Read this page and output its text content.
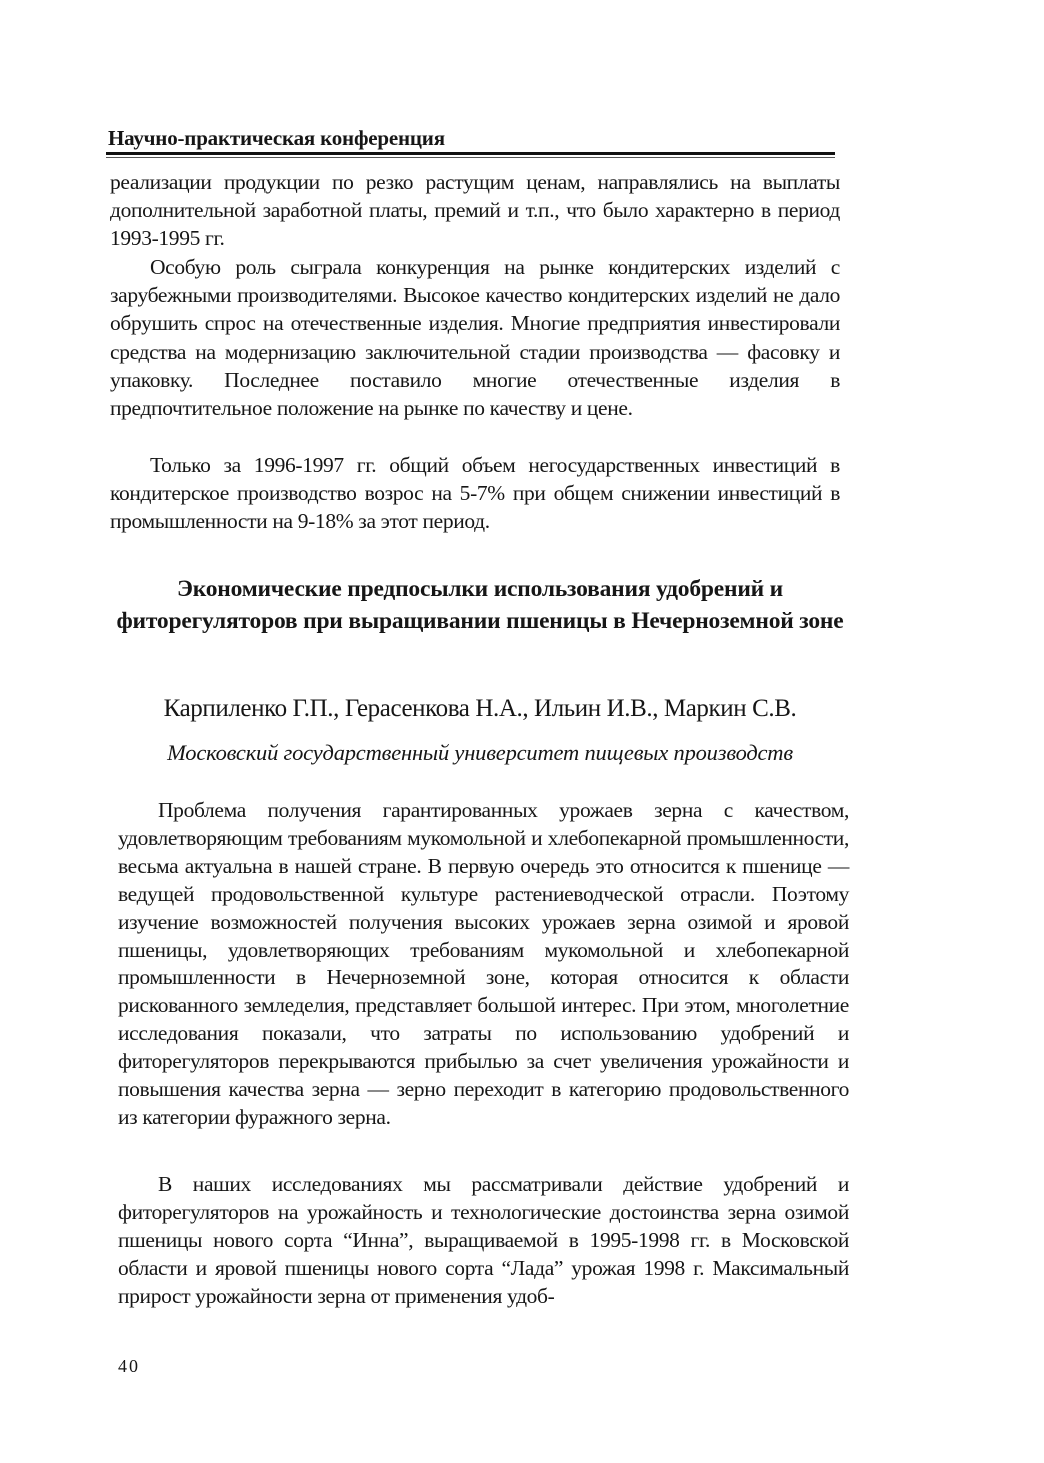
Научно-практическая конференция

реализации продукции по резко растущим ценам, направлялись на выплаты дополнительной заработной платы, премий и т.п., что было характерно в период 1993-1995 гг.

Особую роль сыграла конкуренция на рынке кондитерских изделий с зарубежными производителями. Высокое качество кондитерских изделий не дало обрушить спрос на отечественные изделия. Многие предприятия инвестировали средства на модернизацию заключительной стадии производства — фасовку и упаковку. Последнее поставило многие отечественные изделия в предпочтительное положение на рынке по качеству и цене.

Только за 1996-1997 гг. общий объем негосударственных инвестиций в кондитерское производство возрос на 5-7% при общем снижении инвестиций в промышленности на 9-18% за этот период.

Экономические предпосылки использования удобрений и фиторегуляторов при выращивании пшеницы в Нечерноземной зоне
Карпиленко Г.П., Герасенкова Н.А., Ильин И.В., Маркин С.В.
Московский государственный университет пищевых производств

Проблема получения гарантированных урожаев зерна с качеством, удовлетворяющим требованиям мукомольной и хлебопекарной промышленности, весьма актуальна в нашей стране. В первую очередь это относится к пшенице — ведущей продовольственной культуре растениеводческой отрасли. Поэтому изучение возможностей получения высоких урожаев зерна озимой и яровой пшеницы, удовлетворяющих требованиям мукомольной и хлебопекарной промышленности в Нечерноземной зоне, которая относится к области рискованного земледелия, представляет большой интерес. При этом, многолетние исследования показали, что затраты по использованию удобрений и фиторегуляторов перекрываются прибылью за счет увеличения урожайности и повышения качества зерна — зерно переходит в категорию продовольственного из категории фуражного зерна.

В наших исследованиях мы рассматривали действие удобрений и фиторегуляторов на урожайность и технологические достоинства зерна озимой пшеницы нового сорта “Инна”, выращиваемой в 1995-1998 гг. в Московской области и яровой пшеницы нового сорта “Лада” урожая 1998 г. Максимальный прирост урожайности зерна от применения удоб-

40
